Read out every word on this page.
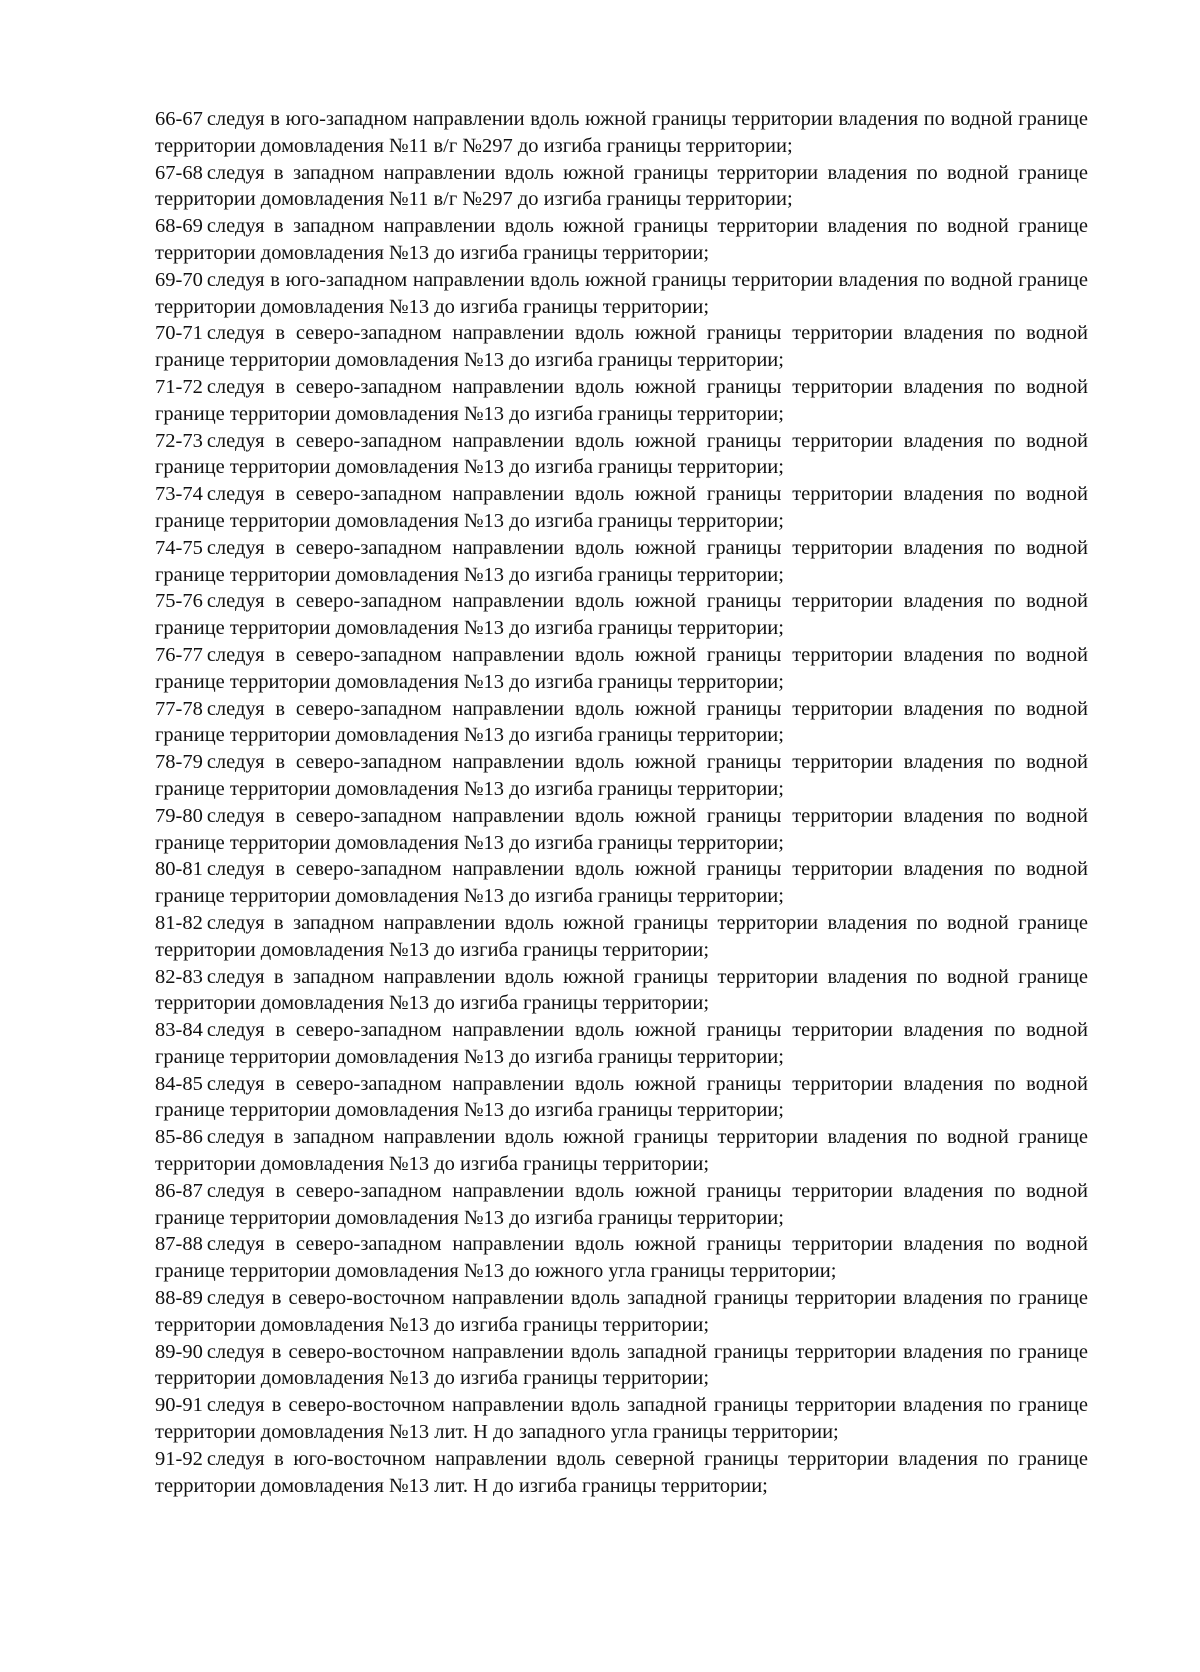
66-67 следуя в юго-западном направлении вдоль южной границы территории владения по водной границе территории домовладения №11 в/г №297 до изгиба границы территории;

67-68 следуя в западном направлении вдоль южной границы территории владения по водной границе территории домовладения №11 в/г №297 до изгиба границы территории;

68-69 следуя в западном направлении вдоль южной границы территории владения по водной границе территории домовладения №13 до изгиба границы территории;

69-70 следуя в юго-западном направлении вдоль южной границы территории владения по водной границе территории домовладения №13 до изгиба границы территории;

70-71 следуя в северо-западном направлении вдоль южной границы территории владения по водной границе территории домовладения №13 до изгиба границы территории;

71-72 следуя в северо-западном направлении вдоль южной границы территории владения по водной границе территории домовладения №13 до изгиба границы территории;

72-73 следуя в северо-западном направлении вдоль южной границы территории владения по водной границе территории домовладения №13 до изгиба границы территории;

73-74 следуя в северо-западном направлении вдоль южной границы территории владения по водной границе территории домовладения №13 до изгиба границы территории;

74-75 следуя в северо-западном направлении вдоль южной границы территории владения по водной границе территории домовладения №13 до изгиба границы территории;

75-76 следуя в северо-западном направлении вдоль южной границы территории владения по водной границе территории домовладения №13 до изгиба границы территории;

76-77 следуя в северо-западном направлении вдоль южной границы территории владения по водной границе территории домовладения №13 до изгиба границы территории;

77-78 следуя в северо-западном направлении вдоль южной границы территории владения по водной границе территории домовладения №13 до изгиба границы территории;

78-79 следуя в северо-западном направлении вдоль южной границы территории владения по водной границе территории домовладения №13 до изгиба границы территории;

79-80 следуя в северо-западном направлении вдоль южной границы территории владения по водной границе территории домовладения №13 до изгиба границы территории;

80-81 следуя в северо-западном направлении вдоль южной границы территории владения по водной границе территории домовладения №13 до изгиба границы территории;

81-82 следуя в западном направлении вдоль южной границы территории владения по водной границе территории домовладения №13 до изгиба границы территории;

82-83 следуя в западном направлении вдоль южной границы территории владения по водной границе территории домовладения №13 до изгиба границы территории;

83-84 следуя в северо-западном направлении вдоль южной границы территории владения по водной границе территории домовладения №13 до изгиба границы территории;

84-85 следуя в северо-западном направлении вдоль южной границы территории владения по водной границе территории домовладения №13 до изгиба границы территории;

85-86 следуя в западном направлении вдоль южной границы территории владения по водной границе территории домовладения №13 до изгиба границы территории;

86-87 следуя в северо-западном направлении вдоль южной границы территории владения по водной границе территории домовладения №13 до изгиба границы территории;

87-88 следуя в северо-западном направлении вдоль южной границы территории владения по водной границе территории домовладения №13 до южного угла границы территории;

88-89 следуя в северо-восточном направлении вдоль западной границы территории владения по границе территории домовладения №13 до изгиба границы территории;

89-90 следуя в северо-восточном направлении вдоль западной границы территории владения по границе территории домовладения №13 до изгиба границы территории;

90-91 следуя в северо-восточном направлении вдоль западной границы территории владения по границе территории домовладения №13 лит. Н до западного угла границы территории;

91-92 следуя в юго-восточном направлении вдоль северной границы территории владения по границе территории домовладения №13 лит. Н до изгиба границы территории;
